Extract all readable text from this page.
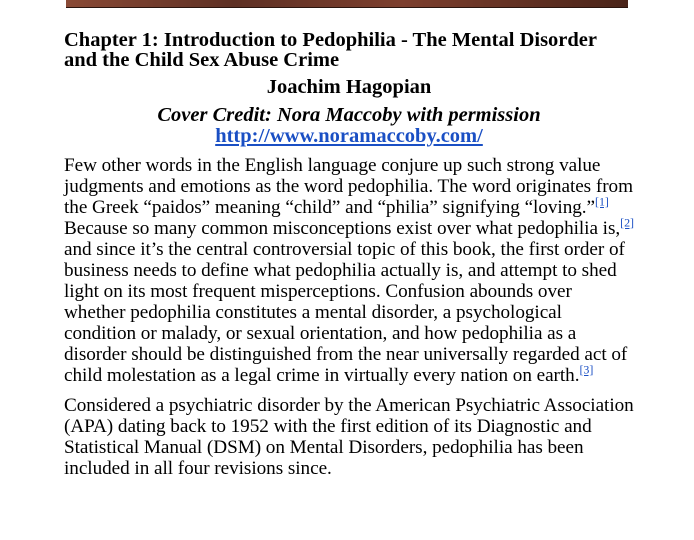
Chapter 1: Introduction to Pedophilia - The Mental Disorder and the Child Sex Abuse Crime
Joachim Hagopian
Cover Credit: Nora Maccoby with permission
http://www.noramaccoby.com/

Few other words in the English language conjure up such strong value judgments and emotions as the word pedophilia. The word originates from the Greek “paidos” meaning “child” and “philia” signifying “loving.”[1] Because so many common misconceptions exist over what pedophilia is,[2] and since it’s the central controversial topic of this book, the first order of business needs to define what pedophilia actually is, and attempt to shed light on its most frequent misperceptions. Confusion abounds over whether pedophilia constitutes a mental disorder, a psychological condition or malady, or sexual orientation, and how pedophilia as a disorder should be distinguished from the near universally regarded act of child molestation as a legal crime in virtually every nation on earth.[3]

Considered a psychiatric disorder by the American Psychiatric Association (APA) dating back to 1952 with the first edition of its Diagnostic and Statistical Manual (DSM) on Mental Disorders, pedophilia has been included in all four revisions since.
